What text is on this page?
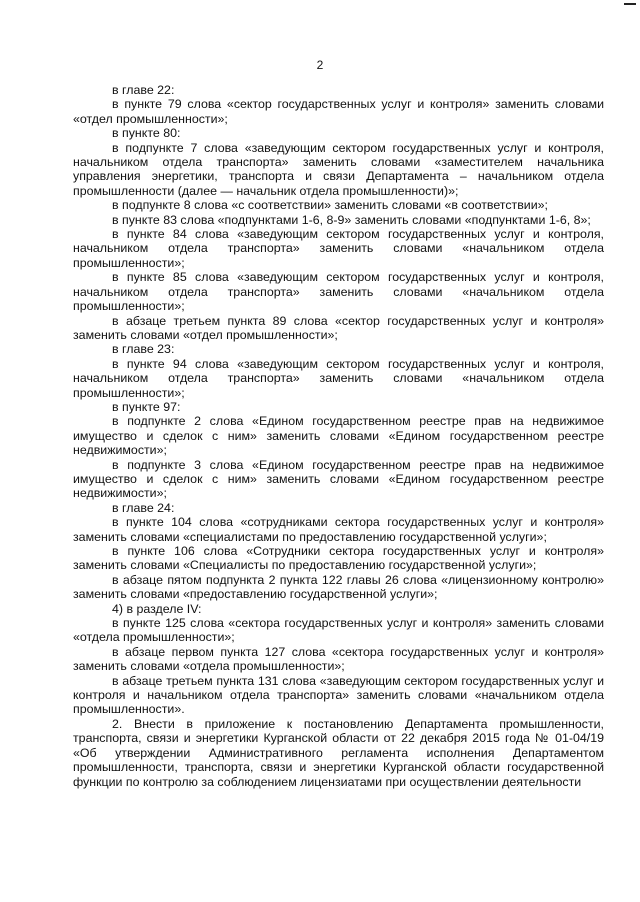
2

в главе 22:

в пункте 79 слова «сектор государственных услуг и контроля» заменить словами «отдел промышленности»;

в пункте 80:

в подпункте 7 слова «заведующим сектором государственных услуг и контроля, начальником отдела транспорта» заменить словами «заместителем начальника управления энергетики, транспорта и связи Департамента – начальником отдела промышленности (далее — начальник отдела промышленности)»;

в подпункте 8 слова «с соответствии» заменить словами «в соответствии»;

в пункте 83 слова «подпунктами 1-6, 8-9» заменить словами «подпунктами 1-6, 8»;

в пункте 84 слова «заведующим сектором государственных услуг и контроля, начальником отдела транспорта» заменить словами «начальником отдела промышленности»;

в пункте 85 слова «заведующим сектором государственных услуг и контроля, начальником отдела транспорта» заменить словами «начальником отдела промышленности»;

в абзаце третьем пункта 89 слова «сектор государственных услуг и контроля» заменить словами «отдел промышленности»;

в главе 23:

в пункте 94 слова «заведующим сектором государственных услуг и контроля, начальником отдела транспорта» заменить словами «начальником отдела промышленности»;

в пункте 97:

в подпункте 2 слова «Едином государственном реестре прав на недвижимое имущество и сделок с ним» заменить словами «Едином государственном реестре недвижимости»;

в подпункте 3 слова «Едином государственном реестре прав на недвижимое имущество и сделок с ним» заменить словами «Едином государственном реестре недвижимости»;

в главе 24:

в пункте 104 слова «сотрудниками сектора государственных услуг и контроля» заменить словами «специалистами по предоставлению государственной услуги»;

в пункте 106 слова «Сотрудники сектора государственных услуг и контроля» заменить словами «Специалисты по предоставлению государственной услуги»;

в абзаце пятом подпункта 2 пункта 122 главы 26 слова «лицензионному контролю» заменить словами «предоставлению государственной услуги»;

4) в разделе IV:

в пункте 125 слова «сектора государственных услуг и контроля» заменить словами «отдела промышленности»;

в абзаце первом пункта 127 слова «сектора государственных услуг и контроля» заменить словами «отдела промышленности»;

в абзаце третьем пункта 131 слова «заведующим сектором государственных услуг и контроля и начальником отдела транспорта» заменить словами «начальником отдела промышленности».

2. Внести в приложение к постановлению Департамента промышленности, транспорта, связи и энергетики Курганской области от 22 декабря 2015 года № 01-04/19 «Об утверждении Административного регламента исполнения Департаментом промышленности, транспорта, связи и энергетики Курганской области государственной функции по контролю за соблюдением лицензиатами при осуществлении деятельности
